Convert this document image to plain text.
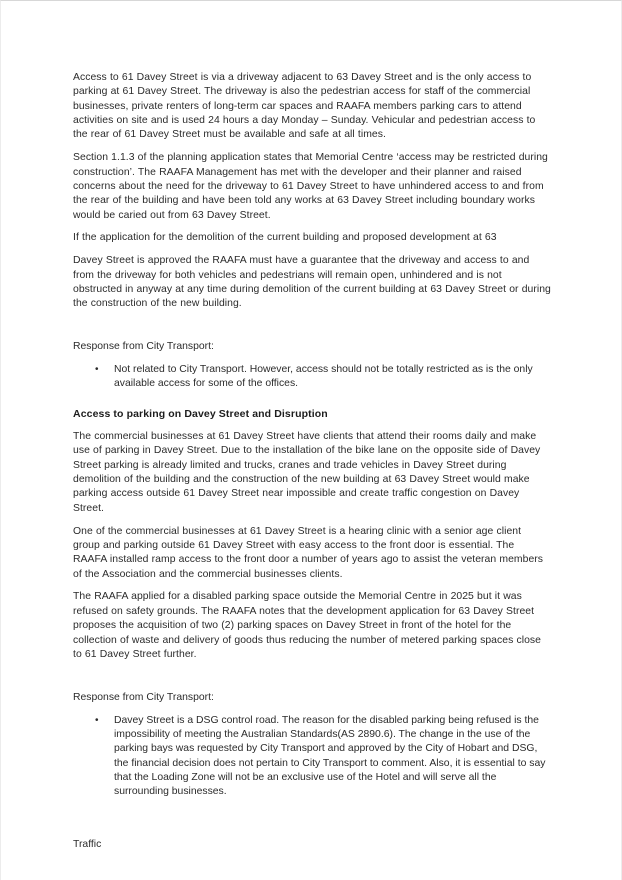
Access to 61 Davey Street is via a driveway adjacent to 63 Davey Street and is the only access to parking at 61 Davey Street. The driveway is also the pedestrian access for staff of the commercial businesses, private renters of long-term car spaces and RAAFA members parking cars to attend activities on site and is used 24 hours a day Monday – Sunday. Vehicular and pedestrian access to the rear of 61 Davey Street must be available and safe at all times.

Section 1.1.3 of the planning application states that Memorial Centre ‘access may be restricted during construction’. The RAAFA Management has met with the developer and their planner and raised concerns about the need for the driveway to 61 Davey Street to have unhindered access to and from the rear of the building and have been told any works at 63 Davey Street including boundary works would be caried out from 63 Davey Street.

If the application for the demolition of the current building and proposed development at 63

Davey Street is approved the RAAFA must have a guarantee that the driveway and access to and from the driveway for both vehicles and pedestrians will remain open, unhindered and is not obstructed in anyway at any time during demolition of the current building at 63 Davey Street or during the construction of the new building.

Response from City Transport:

• Not related to City Transport. However, access should not be totally restricted as is the only available access for some of the offices.
Access to parking on Davey Street and Disruption

The commercial businesses at 61 Davey Street have clients that attend their rooms daily and make use of parking in Davey Street. Due to the installation of the bike lane on the opposite side of Davey Street parking is already limited and trucks, cranes and trade vehicles in Davey Street during demolition of the building and the construction of the new building at 63 Davey Street would make parking access outside 61 Davey Street near impossible and create traffic congestion on Davey Street.

One of the commercial businesses at 61 Davey Street is a hearing clinic with a senior age client group and parking outside 61 Davey Street with easy access to the front door is essential. The RAAFA installed ramp access to the front door a number of years ago to assist the veteran members of the Association and the commercial businesses clients.

The RAAFA applied for a disabled parking space outside the Memorial Centre in 2025 but it was refused on safety grounds. The RAAFA notes that the development application for 63 Davey Street proposes the acquisition of two (2) parking spaces on Davey Street in front of the hotel for the collection of waste and delivery of goods thus reducing the number of metered parking spaces close to 61 Davey Street further.

Response from City Transport:

• Davey Street is a DSG control road. The reason for the disabled parking being refused is the impossibility of meeting the Australian Standards(AS 2890.6). The change in the use of the parking bays was requested by City Transport and approved by the City of Hobart and DSG, the financial decision does not pertain to City Transport to comment. Also, it is essential to say that the Loading Zone will not be an exclusive use of the Hotel and will serve all the surrounding businesses.

Traffic
